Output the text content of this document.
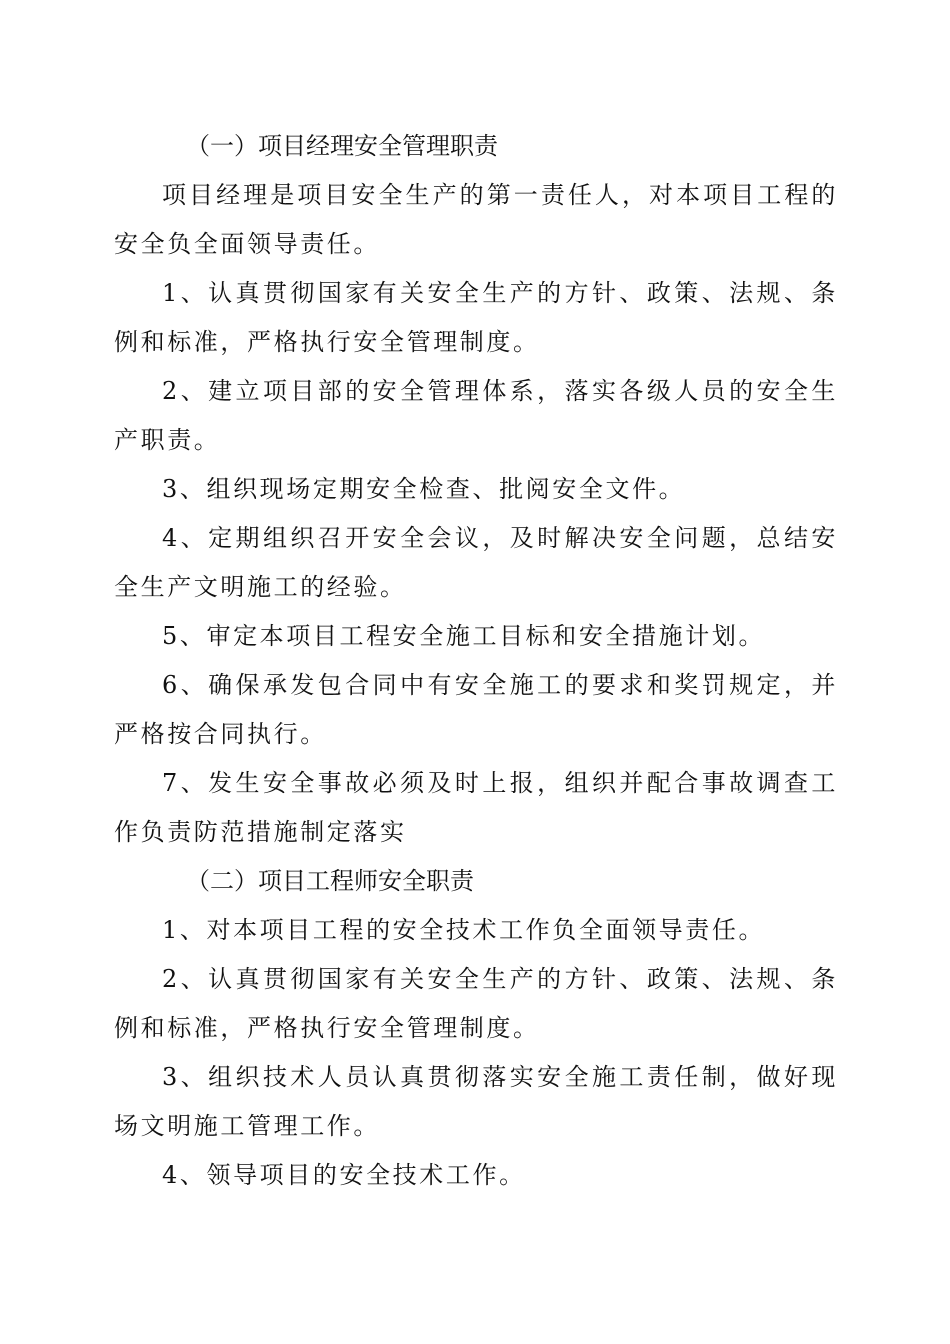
（一）项目经理安全管理职责

项目经理是项目安全生产的第一责任人，对本项目工程的安全负全面领导责任。

1、认真贯彻国家有关安全生产的方针、政策、法规、条例和标准，严格执行安全管理制度。

2、建立项目部的安全管理体系，落实各级人员的安全生产职责。

3、组织现场定期安全检查、批阅安全文件。

4、定期组织召开安全会议，及时解决安全问题，总结安全生产文明施工的经验。

5、审定本项目工程安全施工目标和安全措施计划。

6、确保承发包合同中有安全施工的要求和奖罚规定，并严格按合同执行。

7、发生安全事故必须及时上报，组织并配合事故调查工作负责防范措施制定落实

（二）项目工程师安全职责

1、对本项目工程的安全技术工作负全面领导责任。

2、认真贯彻国家有关安全生产的方针、政策、法规、条例和标准，严格执行安全管理制度。

3、组织技术人员认真贯彻落实安全施工责任制，做好现场文明施工管理工作。

4、领导项目的安全技术工作。
